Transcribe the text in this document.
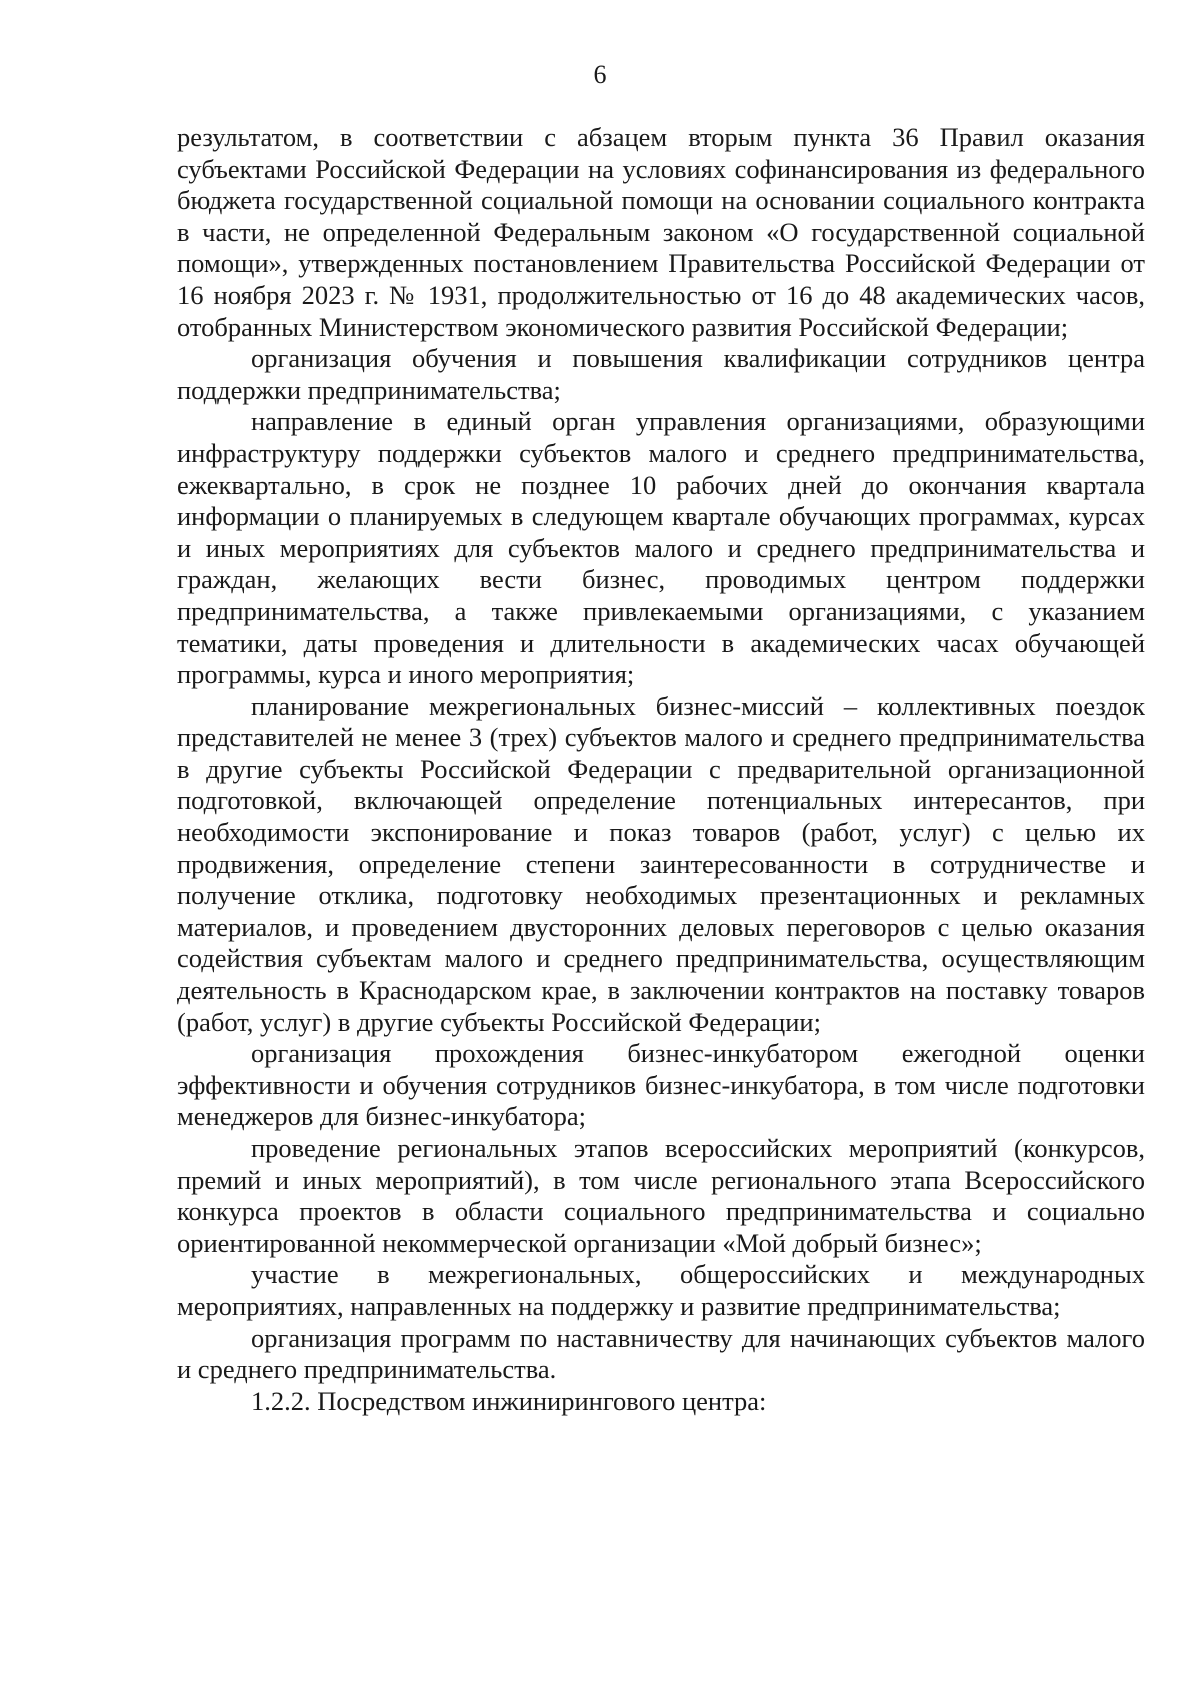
6

результатом, в соответствии с абзацем вторым пункта 36 Правил оказания субъектами Российской Федерации на условиях софинансирования из федерального бюджета государственной социальной помощи на основании социального контракта в части, не определенной Федеральным законом «О государственной социальной помощи», утвержденных постановлением Правительства Российской Федерации от 16 ноября 2023 г. № 1931, продолжительностью от 16 до 48 академических часов, отобранных Министерством экономического развития Российской Федерации;

организация обучения и повышения квалификации сотрудников центра поддержки предпринимательства;

направление в единый орган управления организациями, образующими инфраструктуру поддержки субъектов малого и среднего предпринимательства, ежеквартально, в срок не позднее 10 рабочих дней до окончания квартала информации о планируемых в следующем квартале обучающих программах, курсах и иных мероприятиях для субъектов малого и среднего предпринимательства и граждан, желающих вести бизнес, проводимых центром поддержки предпринимательства, а также привлекаемыми организациями, с указанием тематики, даты проведения и длительности в академических часах обучающей программы, курса и иного мероприятия;

планирование межрегиональных бизнес-миссий – коллективных поездок представителей не менее 3 (трех) субъектов малого и среднего предпринимательства в другие субъекты Российской Федерации с предварительной организационной подготовкой, включающей определение потенциальных интересантов, при необходимости экспонирование и показ товаров (работ, услуг) с целью их продвижения, определение степени заинтересованности в сотрудничестве и получение отклика, подготовку необходимых презентационных и рекламных материалов, и проведением двусторонних деловых переговоров с целью оказания содействия субъектам малого и среднего предпринимательства, осуществляющим деятельность в Краснодарском крае, в заключении контрактов на поставку товаров (работ, услуг) в другие субъекты Российской Федерации;

организация прохождения бизнес-инкубатором ежегодной оценки эффективности и обучения сотрудников бизнес-инкубатора, в том числе подготовки менеджеров для бизнес-инкубатора;

проведение региональных этапов всероссийских мероприятий (конкурсов, премий и иных мероприятий), в том числе регионального этапа Всероссийского конкурса проектов в области социального предпринимательства и социально ориентированной некоммерческой организации «Мой добрый бизнес»;

участие в межрегиональных, общероссийских и международных мероприятиях, направленных на поддержку и развитие предпринимательства;

организация программ по наставничеству для начинающих субъектов малого и среднего предпринимательства.

1.2.2. Посредством инжинирингового центра:
